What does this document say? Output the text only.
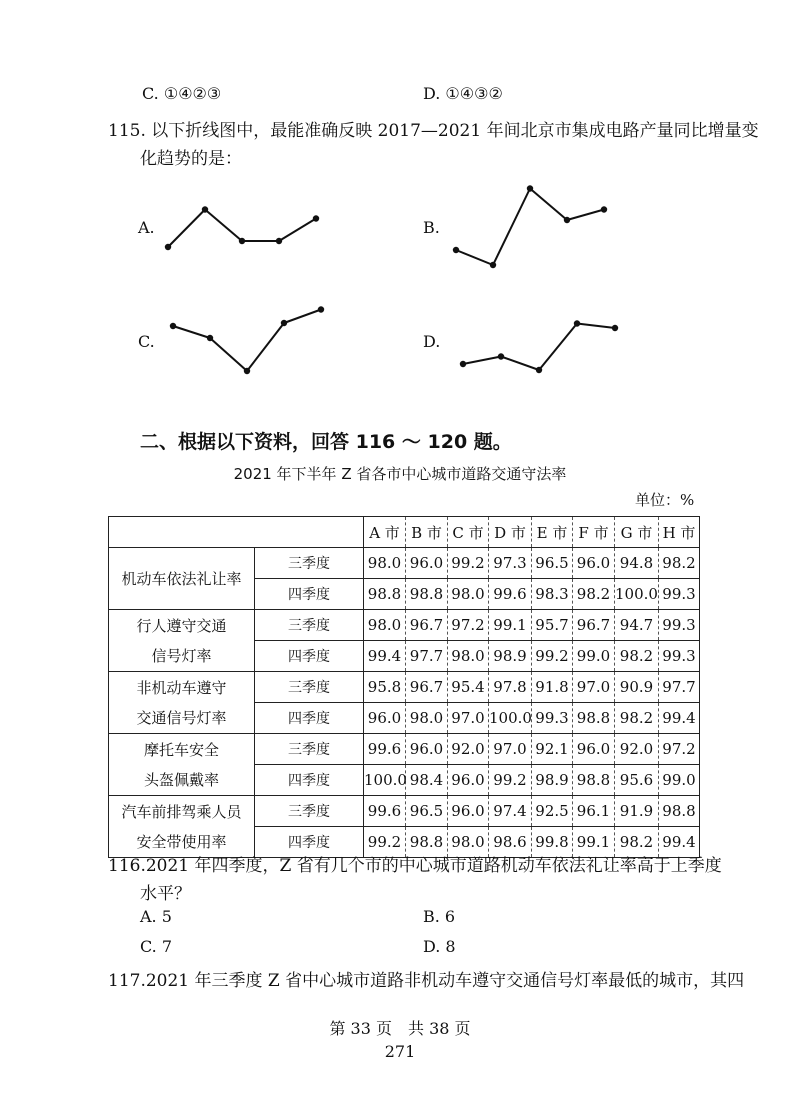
C. ①④②③	D. ①④③②
115. 以下折线图中，最能准确反映 2017—2021 年间北京市集成电路产量同比增量变
化趋势的是：
A.	B.
C.	D.
二、根据以下资料，回答 116 ～ 120 题。
2021 年下半年 Z 省各市中心城市道路交通守法率
单位：%
		A 市	B 市	C 市	D 市	E 市	F 市	G 市	H 市

机动车依法礼让率	三季度	98.0	96.0	99.2	97.3	96.5	96.0	94.8	98.2
	四季度	98.8	98.8	98.0	99.6	98.3	98.2	100.0	99.3

行人遵守交通
信号灯率	三季度	98.0	96.7	97.2	99.1	95.7	96.7	94.7	99.3
	四季度	99.4	97.7	98.0	98.9	99.2	99.0	98.2	99.3

非机动车遵守
交通信号灯率	三季度	95.8	96.7	95.4	97.8	91.8	97.0	90.9	97.7
	四季度	96.0	98.0	97.0	100.0	99.3	98.8	98.2	99.4

摩托车安全
头盔佩戴率	三季度	99.6	96.0	92.0	97.0	92.1	96.0	92.0	97.2
	四季度	100.0	98.4	96.0	99.2	98.9	98.8	95.6	99.0

汽车前排驾乘人员
安全带使用率	三季度	99.6	96.5	96.0	97.4	92.5	96.1	91.9	98.8
	四季度	99.2	98.8	98.0	98.6	99.8	99.1	98.2	99.4
116.2021 年四季度，Z 省有几个市的中心城市道路机动车依法礼让率高于上季度
水平？
A. 5	B. 6
C. 7	D. 8
117.2021 年三季度 Z 省中心城市道路非机动车遵守交通信号灯率最低的城市，其四
第 33 页　共 38 页
271
